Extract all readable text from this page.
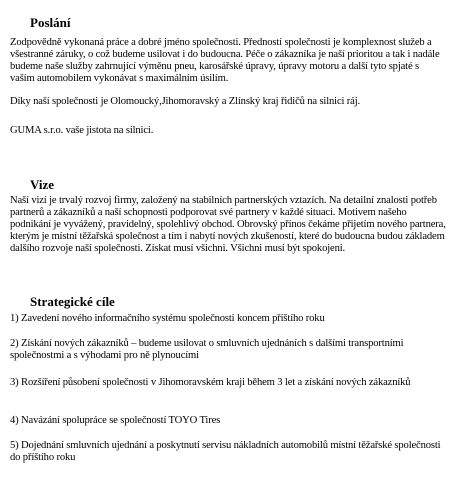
Poslání

Zodpovědně vykonaná práce a dobré jméno společnosti. Předností společnosti je komplexnost služeb a všestranné záruky, o což budeme usilovat i do budoucna. Péče o zákazníka je naší prioritou a tak i nadále budeme naše služby zahrnující výměnu pneu, karosářské úpravy, úpravy motoru a další tyto spjaté s vaším automobilem vykonávat s maximálním úsilím.

Díky naší společnosti je Olomoucký,Jihomoravský a Zlínský kraj řidičů na silnici ráj.

GUMA s.r.o. vaše jistota na silnici.

Vize

Naší vizí je trvalý rozvoj firmy, založený na stabilních partnerských vztazích. Na detailní znalosti potřeb partnerů a zákazníků a naší schopnosti podporovat své partnery v každé situaci. Motivem našeho podnikání je vyvážený, pravidelný, spolehlivý obchod. Obrovský přínos čekáme přijetím nového partnera, kterým je místní těžařská společnost a tím i nabytí nových zkušeností, které do budoucna budou základem dalšího rozvoje naší společnosti. Získat musí všichni. Všichni musí být spokojeni.

Strategické cíle

1) Zavedení nového informačního systému společnosti koncem příštího roku

2) Získání nových zákazníků – budeme usilovat o smluvních ujednáních s dalšími transportními společnostmi a s výhodami pro ně plynoucími

3) Rozšíření působení společnosti v Jihomoravském kraji během 3 let a získání nových zákazníků

4) Navázání spolupráce se společností TOYO Tires

5) Dojednání smluvních ujednání a poskytnutí servisu nákladních automobilů místní těžařské společnosti do příštího roku
